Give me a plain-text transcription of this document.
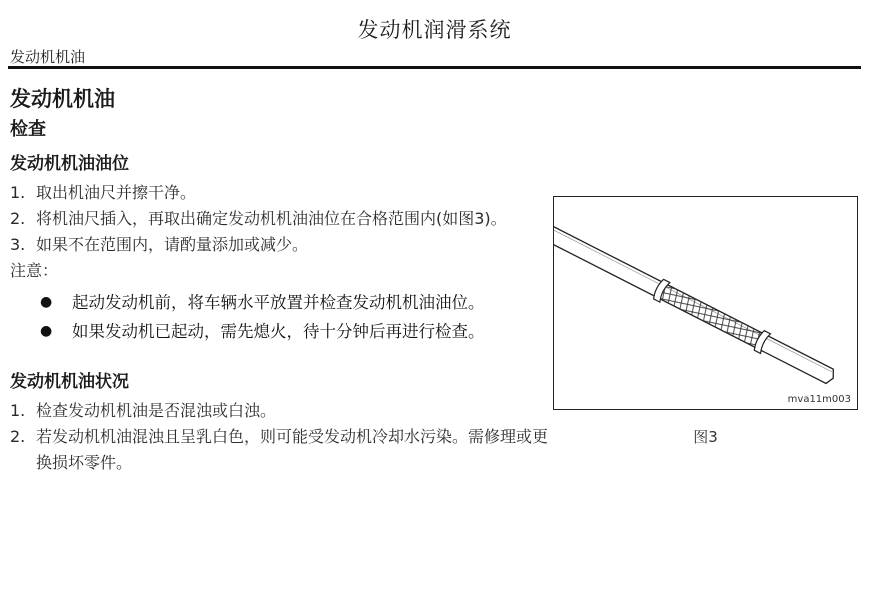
发动机润滑系统
发动机机油
发动机机油
检查
发动机机油油位
1. 取出机油尺并擦干净。
2. 将机油尺插入，再取出确定发动机机油油位在合格范围内(如图3)。
3. 如果不在范围内，请酌量添加或减少。
注意：
●	起动发动机前，将车辆水平放置并检查发动机机油油位。
●	如果发动机已起动，需先熄火，待十分钟后再进行检查。
发动机机油状况
1. 检查发动机机油是否混浊或白浊。
2. 若发动机机油混浊且呈乳白色，则可能受发动机冷却水污染。需修理或更换损坏零件。
mva11m003
图3
